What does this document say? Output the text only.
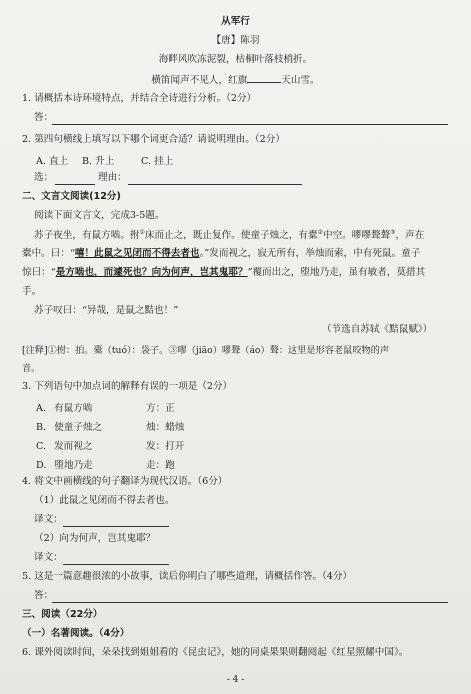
从军行
【唐】陈羽
海畔风吹冻泥裂，枯桐叶落枝梢折。
横笛闻声不见人，红旗	天山雪。
1. 请概括本诗环境特点，并结合全诗进行分析。（2分）
答：
2. 第四句横线上填写以下哪个词更合适？请说明理由。（2分）
A. 直上 B. 升上	C. 挂上
选：	理由：
二、文言文阅读(12分)
阅读下面文言文，完成3-5题。
苏子夜坐，有鼠方啮。拊①床而止之，既止复作。使童子烛之，有橐②中空。嘐嘐聱聱③，声在
橐中。曰：“嘻！此鼠之见闭而不得去者也。”发而视之，寂无所有，举烛而索，中有死鼠。童子
惊曰：“是方啮也，而遽死也？向为何声，岂其鬼耶？”覆而出之，堕地乃走，虽有敏者，莫措其
手。
苏子叹曰：“异哉，是鼠之黠也！”
（节选自苏轼《黠鼠赋》）
[注释]①拊：拍。橐（tuó）：袋子。③嘐（jiāo）嘐聱（áo）聱：这里是形容老鼠咬物的声
音。
3. 下列语句中加点词的解释有误的一项是（2分）
A. 有鼠方啮	方：正
B. 使童子烛之	烛：蜡烛
C. 发而视之	发：打开
D. 堕地乃走	走：跑
4. 将文中画横线的句子翻译为现代汉语。（6分）
（1）此鼠之见闭而不得去者也。
译文：
（2）向为何声，岂其鬼耶？
译文：
5. 这是一篇意趣很浓的小故事，读后你明白了哪些道理，请概括作答。（4分）
答：
三、阅读（22分）
（一）名著阅读。（4分）
6. 课外阅读时间，朵朵找到姐姐看的《昆虫记》，她的同桌果果则翻阅起《红星照耀中国》。
- 4 -
